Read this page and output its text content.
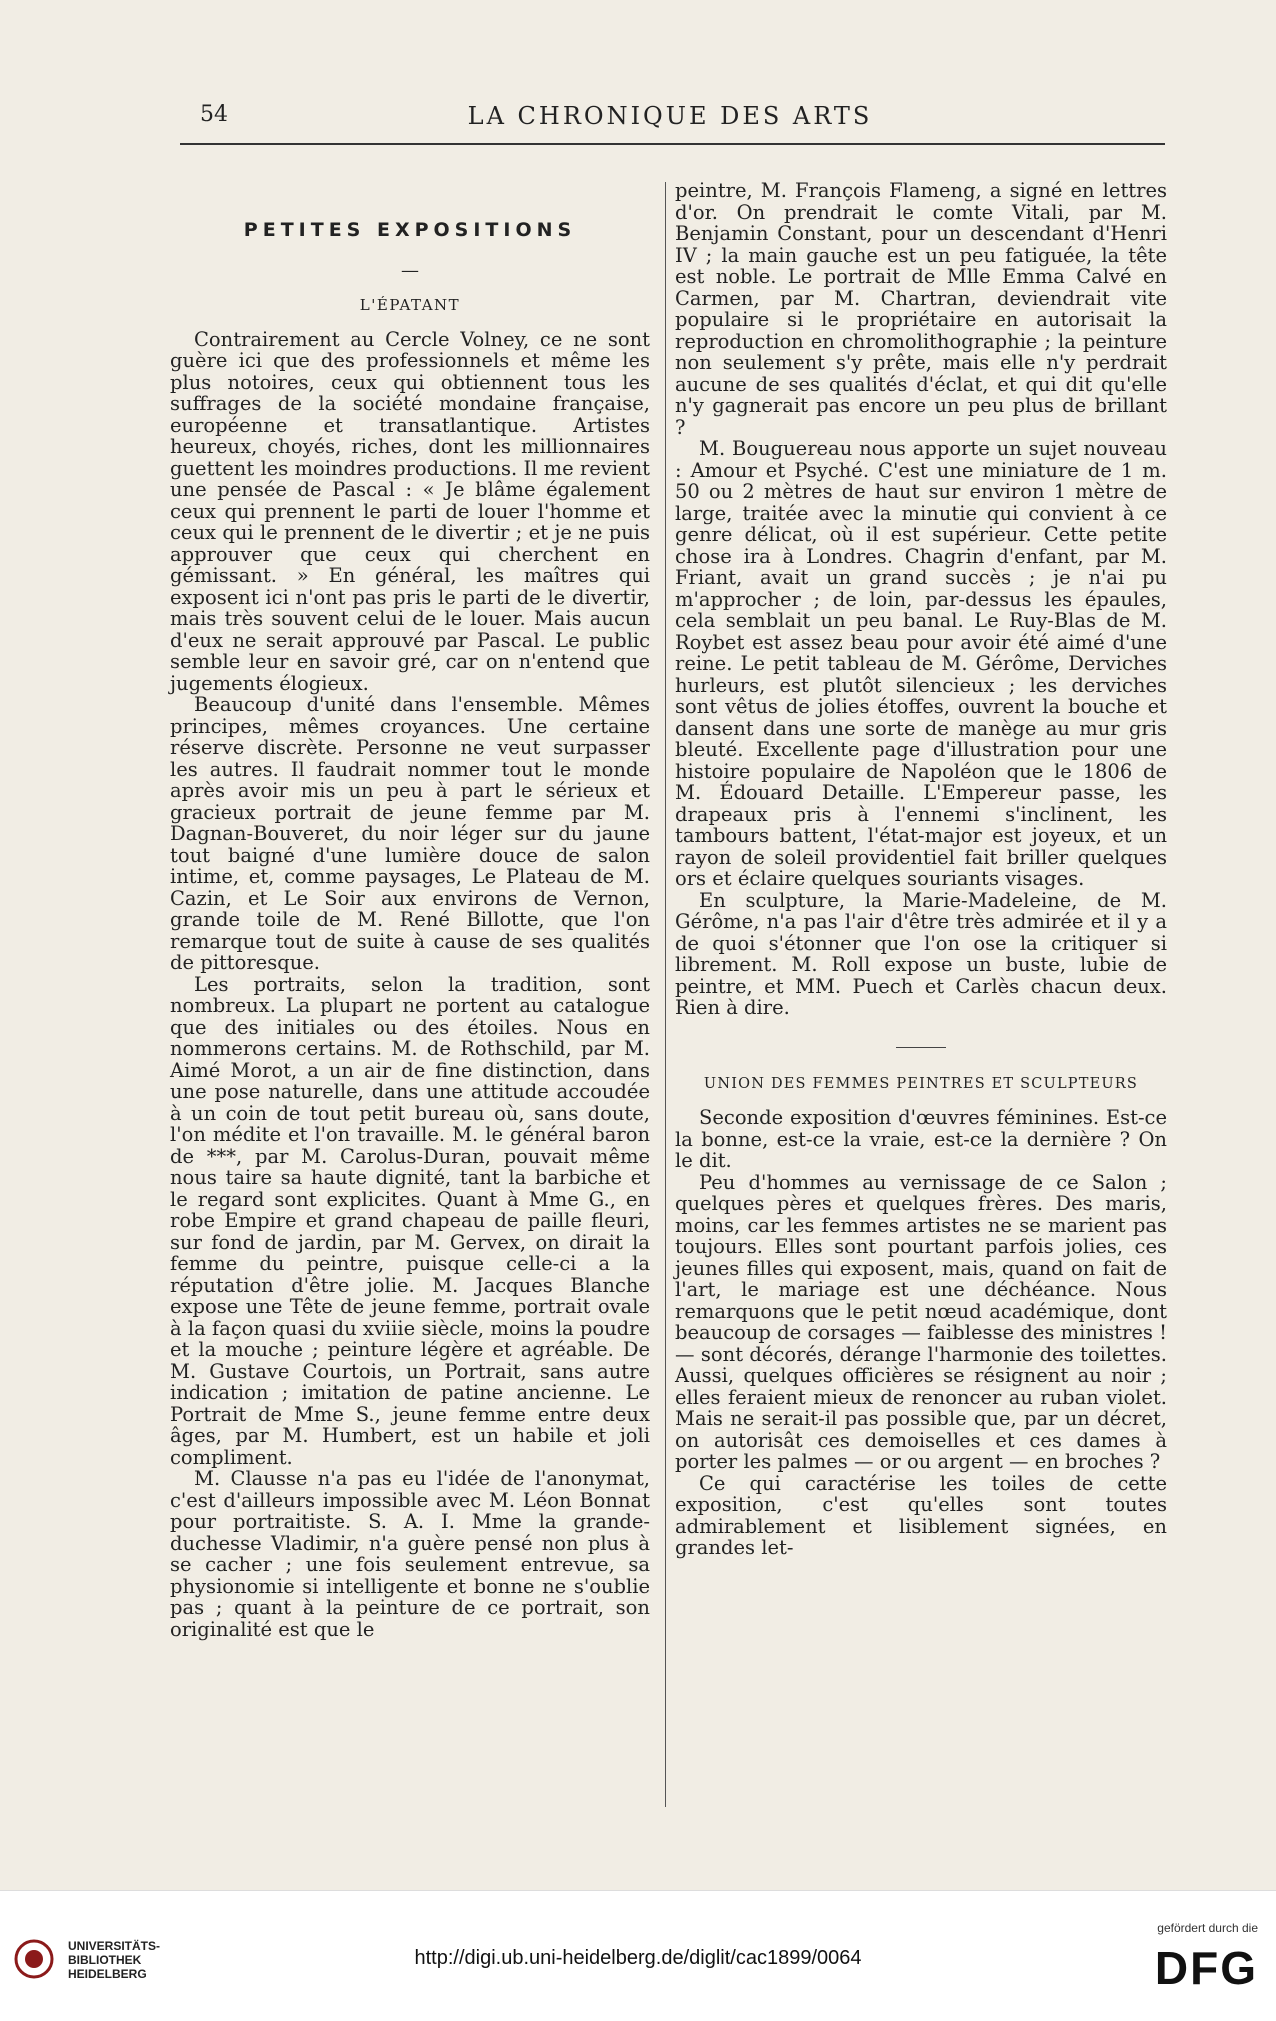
54	LA CHRONIQUE DES ARTS
PETITES EXPOSITIONS
—
L'ÉPATANT

Contrairement au Cercle Volney, ce ne sont guère ici que des professionnels et même les plus notoires, ceux qui obtiennent tous les suffrages de la société mondaine française, européenne et transatlantique. Artistes heureux, choyés, riches, dont les millionnaires guettent les moindres productions. Il me revient une pensée de Pascal : « Je blâme également ceux qui prennent le parti de louer l'homme et ceux qui le prennent de le divertir ; et je ne puis approuver que ceux qui cherchent en gémissant. » En général, les maîtres qui exposent ici n'ont pas pris le parti de le divertir, mais très souvent celui de le louer. Mais aucun d'eux ne serait approuvé par Pascal. Le public semble leur en savoir gré, car on n'entend que jugements élogieux.

Beaucoup d'unité dans l'ensemble. Mêmes principes, mêmes croyances. Une certaine réserve discrète. Personne ne veut surpasser les autres. Il faudrait nommer tout le monde après avoir mis un peu à part le sérieux et gracieux portrait de jeune femme par M. Dagnan-Bouveret, du noir léger sur du jaune tout baigné d'une lumière douce de salon intime, et, comme paysages, Le Plateau de M. Cazin, et Le Soir aux environs de Vernon, grande toile de M. René Billotte, que l'on remarque tout de suite à cause de ses qualités de pittoresque.

Les portraits, selon la tradition, sont nombreux. La plupart ne portent au catalogue que des initiales ou des étoiles. Nous en nommerons certains. M. de Rothschild, par M. Aimé Morot, a un air de fine distinction, dans une pose naturelle, dans une attitude accoudée à un coin de tout petit bureau où, sans doute, l'on médite et l'on travaille. M. le général baron de ***, par M. Carolus-Duran, pouvait même nous taire sa haute dignité, tant la barbiche et le regard sont explicites. Quant à Mme G., en robe Empire et grand chapeau de paille fleuri, sur fond de jardin, par M. Gervex, on dirait la femme du peintre, puisque celle-ci a la réputation d'être jolie. M. Jacques Blanche expose une Tête de jeune femme, portrait ovale à la façon quasi du xviiie siècle, moins la poudre et la mouche ; peinture légère et agréable. De M. Gustave Courtois, un Portrait, sans autre indication ; imitation de patine ancienne. Le Portrait de Mme S., jeune femme entre deux âges, par M. Humbert, est un habile et joli compliment.

M. Clausse n'a pas eu l'idée de l'anonymat, c'est d'ailleurs impossible avec M. Léon Bonnat pour portraitiste. S. A. I. Mme la grande-duchesse Vladimir, n'a guère pensé non plus à se cacher ; une fois seulement entrevue, sa physionomie si intelligente et bonne ne s'oublie pas ; quant à la peinture de ce portrait, son originalité est que le

peintre, M. François Flameng, a signé en lettres d'or. On prendrait le comte Vitali, par M. Benjamin Constant, pour un descendant d'Henri IV ; la main gauche est un peu fatiguée, la tête est noble. Le portrait de Mlle Emma Calvé en Carmen, par M. Chartran, deviendrait vite populaire si le propriétaire en autorisait la reproduction en chromolithographie ; la peinture non seulement s'y prête, mais elle n'y perdrait aucune de ses qualités d'éclat, et qui dit qu'elle n'y gagnerait pas encore un peu plus de brillant ?

M. Bouguereau nous apporte un sujet nouveau : Amour et Psyché. C'est une miniature de 1 m. 50 ou 2 mètres de haut sur environ 1 mètre de large, traitée avec la minutie qui convient à ce genre délicat, où il est supérieur. Cette petite chose ira à Londres. Chagrin d'enfant, par M. Friant, avait un grand succès ; je n'ai pu m'approcher ; de loin, par-dessus les épaules, cela semblait un peu banal. Le Ruy-Blas de M. Roybet est assez beau pour avoir été aimé d'une reine. Le petit tableau de M. Gérôme, Derviches hurleurs, est plutôt silencieux ; les derviches sont vêtus de jolies étoffes, ouvrent la bouche et dansent dans une sorte de manège au mur gris bleuté. Excellente page d'illustration pour une histoire populaire de Napoléon que le 1806 de M. Édouard Detaille. L'Empereur passe, les drapeaux pris à l'ennemi s'inclinent, les tambours battent, l'état-major est joyeux, et un rayon de soleil providentiel fait briller quelques ors et éclaire quelques souriants visages.

En sculpture, la Marie-Madeleine, de M. Gérôme, n'a pas l'air d'être très admirée et il y a de quoi s'étonner que l'on ose la critiquer si librement. M. Roll expose un buste, lubie de peintre, et MM. Puech et Carlès chacun deux. Rien à dire.

UNION DES FEMMES PEINTRES ET SCULPTEURS

Seconde exposition d'œuvres féminines. Est-ce la bonne, est-ce la vraie, est-ce la dernière ? On le dit.

Peu d'hommes au vernissage de ce Salon ; quelques pères et quelques frères. Des maris, moins, car les femmes artistes ne se marient pas toujours. Elles sont pourtant parfois jolies, ces jeunes filles qui exposent, mais, quand on fait de l'art, le mariage est une déchéance. Nous remarquons que le petit nœud académique, dont beaucoup de corsages — faiblesse des ministres ! — sont décorés, dérange l'harmonie des toilettes. Aussi, quelques officières se résignent au noir ; elles feraient mieux de renoncer au ruban violet. Mais ne serait-il pas possible que, par un décret, on autorisât ces demoiselles et ces dames à porter les palmes — or ou argent — en broches ?

Ce qui caractérise les toiles de cette exposition, c'est qu'elles sont toutes admirablement et lisiblement signées, en grandes let-

UNIVERSITÄTS-
BIBLIOTHEK
HEIDELBERG
http://digi.ub.uni-heidelberg.de/diglit/cac1899/0064
gefördert durch die
DFG
